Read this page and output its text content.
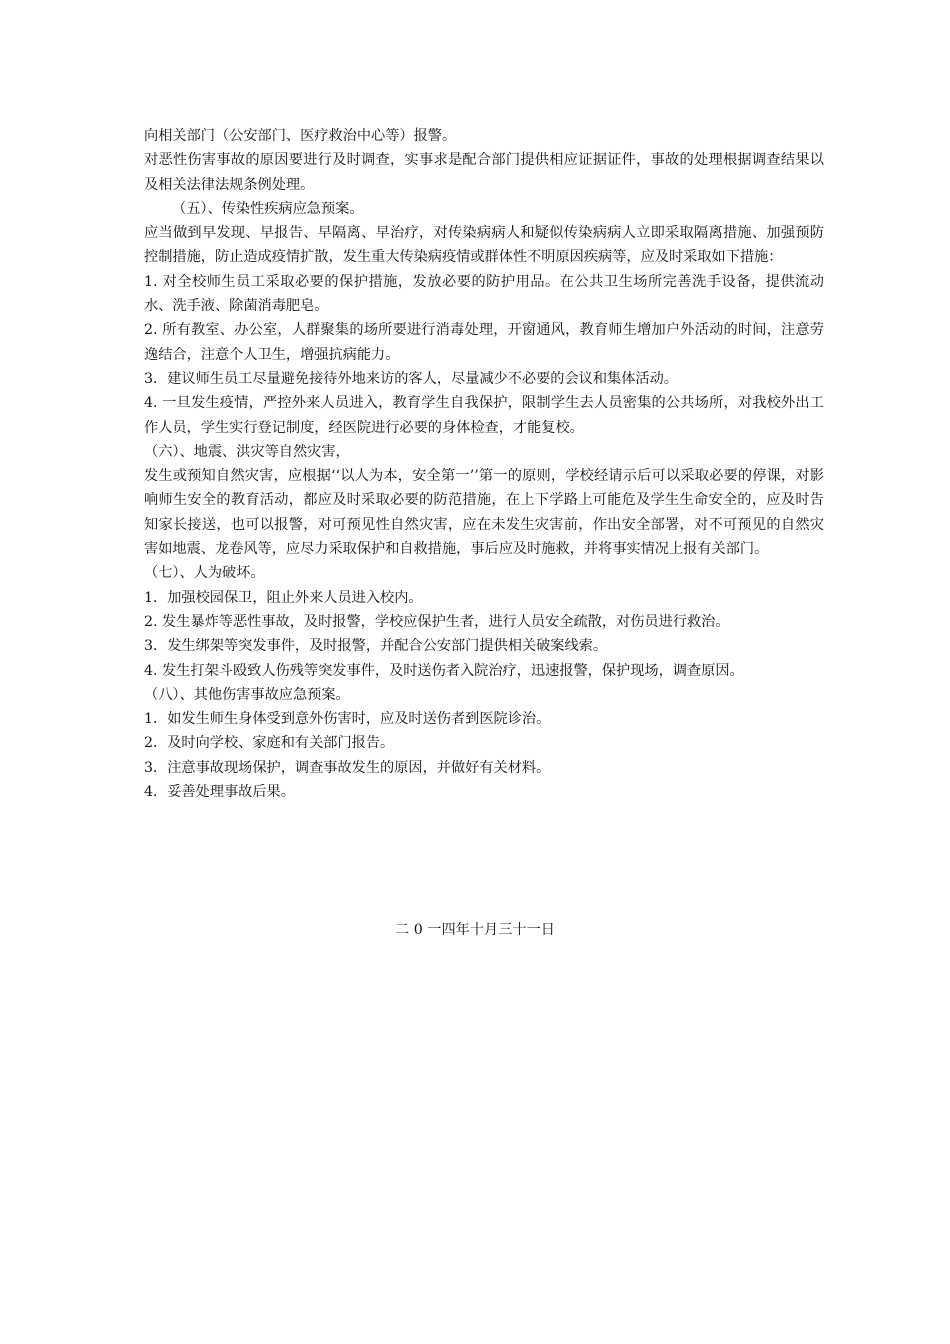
向相关部门（公安部门、医疗救治中心等）报警。

对恶性伤害事故的原因要进行及时调查，实事求是配合部门提供相应证据证件，事故的处理根据调查结果以及相关法律法规条例处理。

（五）、传染性疾病应急预案。

应当做到早发现、早报告、早隔离、早治疗，对传染病病人和疑似传染病病人立即采取隔离措施、加强预防控制措施，防止造成疫情扩散，发生重大传染病疫情或群体性不明原因疾病等，应及时采取如下措施：

1. 对全校师生员工采取必要的保护措施，发放必要的防护用品。在公共卫生场所完善洗手设备，提供流动水、洗手液、除菌消毒肥皂。

2. 所有教室、办公室，人群聚集的场所要进行消毒处理，开窗通风，教育师生增加户外活动的时间，注意劳逸结合，注意个人卫生，增强抗病能力。

3．建议师生员工尽量避免接待外地来访的客人，尽量减少不必要的会议和集体活动。

4. 一旦发生疫情，严控外来人员进入，教育学生自我保护，限制学生去人员密集的公共场所，对我校外出工作人员，学生实行登记制度，经医院进行必要的身体检查，才能复校。

（六）、地震、洪灾等自然灾害，

发生或预知自然灾害，应根据‘‘以人为本，安全第一’’第一的原则，学校经请示后可以采取必要的停课，对影响师生安全的教育活动，都应及时采取必要的防范措施，在上下学路上可能危及学生生命安全的，应及时告知家长接送，也可以报警，对可预见性自然灾害，应在未发生灾害前，作出安全部署，对不可预见的自然灾害如地震、龙卷风等，应尽力采取保护和自救措施，事后应及时施救，并将事实情况上报有关部门。

（七）、人为破坏。

1．加强校园保卫，阻止外来人员进入校内。

2. 发生暴炸等恶性事故，及时报警，学校应保护生者，进行人员安全疏散，对伤员进行救治。

3．发生绑架等突发事件，及时报警，并配合公安部门提供相关破案线索。

4. 发生打架斗殴致人伤残等突发事件，及时送伤者入院治疗，迅速报警，保护现场，调查原因。

（八）、其他伤害事故应急预案。

1．如发生师生身体受到意外伤害时，应及时送伤者到医院诊治。

2．及时向学校、家庭和有关部门报告。

3．注意事故现场保护，调查事故发生的原因，并做好有关材料。

4．妥善处理事故后果。

二 0 一四年十月三十一日
